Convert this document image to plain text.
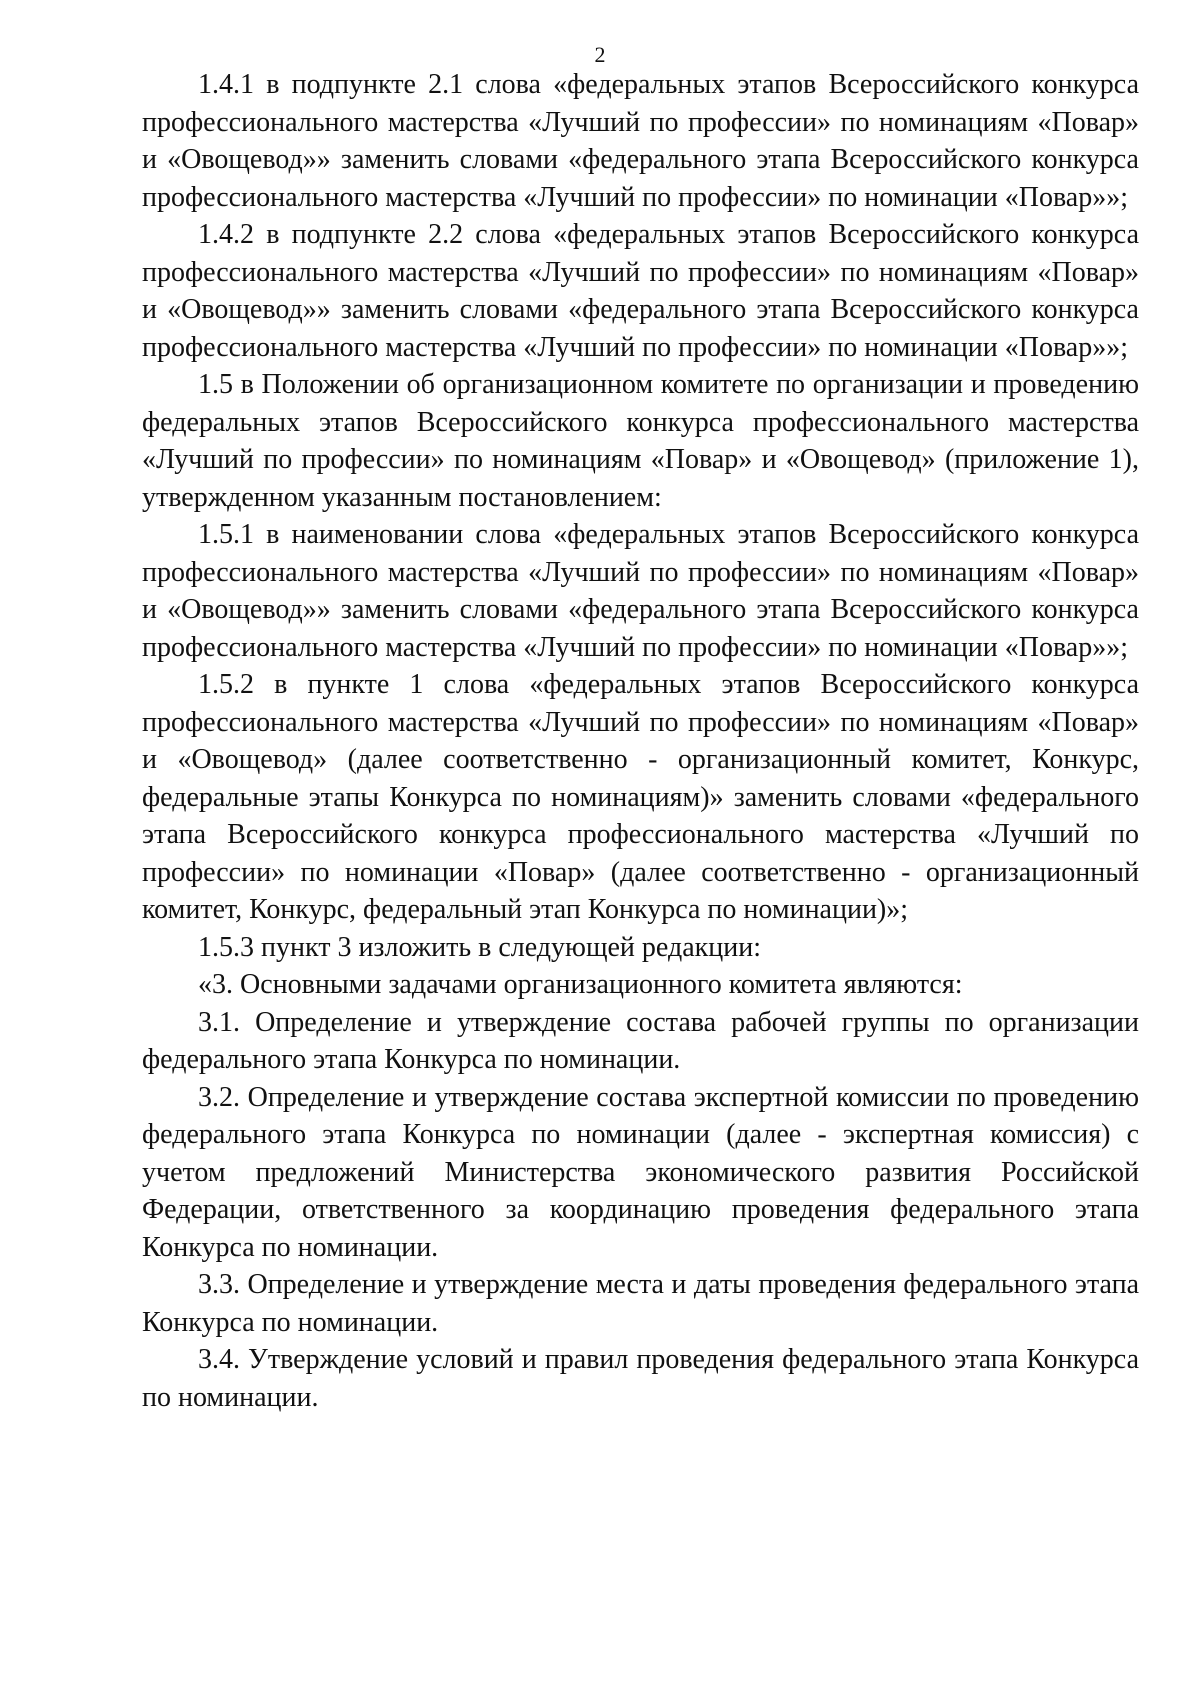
2

1.4.1 в подпункте 2.1 слова «федеральных этапов Всероссийского конкурса профессионального мастерства «Лучший по профессии» по номинациям «Повар» и «Овощевод»» заменить словами «федерального этапа Всероссийского конкурса профессионального мастерства «Лучший по профессии» по номинации «Повар»»;

1.4.2 в подпункте 2.2 слова «федеральных этапов Всероссийского конкурса профессионального мастерства «Лучший по профессии» по номинациям «Повар» и «Овощевод»» заменить словами «федерального этапа Всероссийского конкурса профессионального мастерства «Лучший по профессии» по номинации «Повар»»;

1.5 в Положении об организационном комитете по организации и проведению федеральных этапов Всероссийского конкурса профессионального мастерства «Лучший по профессии» по номинациям «Повар» и «Овощевод» (приложение 1), утвержденном указанным постановлением:

1.5.1 в наименовании слова «федеральных этапов Всероссийского конкурса профессионального мастерства «Лучший по профессии» по номинациям «Повар» и «Овощевод»» заменить словами «федерального этапа Всероссийского конкурса профессионального мастерства «Лучший по профессии» по номинации «Повар»»;

1.5.2 в пункте 1 слова «федеральных этапов Всероссийского конкурса профессионального мастерства «Лучший по профессии» по номинациям «Повар» и «Овощевод» (далее соответственно - организационный комитет, Конкурс, федеральные этапы Конкурса по номинациям)» заменить словами «федерального этапа Всероссийского конкурса профессионального мастерства «Лучший по профессии» по номинации «Повар» (далее соответственно - организационный комитет, Конкурс, федеральный этап Конкурса по номинации)»;

1.5.3 пункт 3 изложить в следующей редакции:

«3. Основными задачами организационного комитета являются:

3.1. Определение и утверждение состава рабочей группы по организации федерального этапа Конкурса по номинации.

3.2. Определение и утверждение состава экспертной комиссии по проведению федерального этапа Конкурса по номинации (далее - экспертная комиссия) с учетом предложений Министерства экономического развития Российской Федерации, ответственного за координацию проведения федерального этапа Конкурса по номинации.

3.3. Определение и утверждение места и даты проведения федерального этапа Конкурса по номинации.

3.4. Утверждение условий и правил проведения федерального этапа Конкурса по номинации.
